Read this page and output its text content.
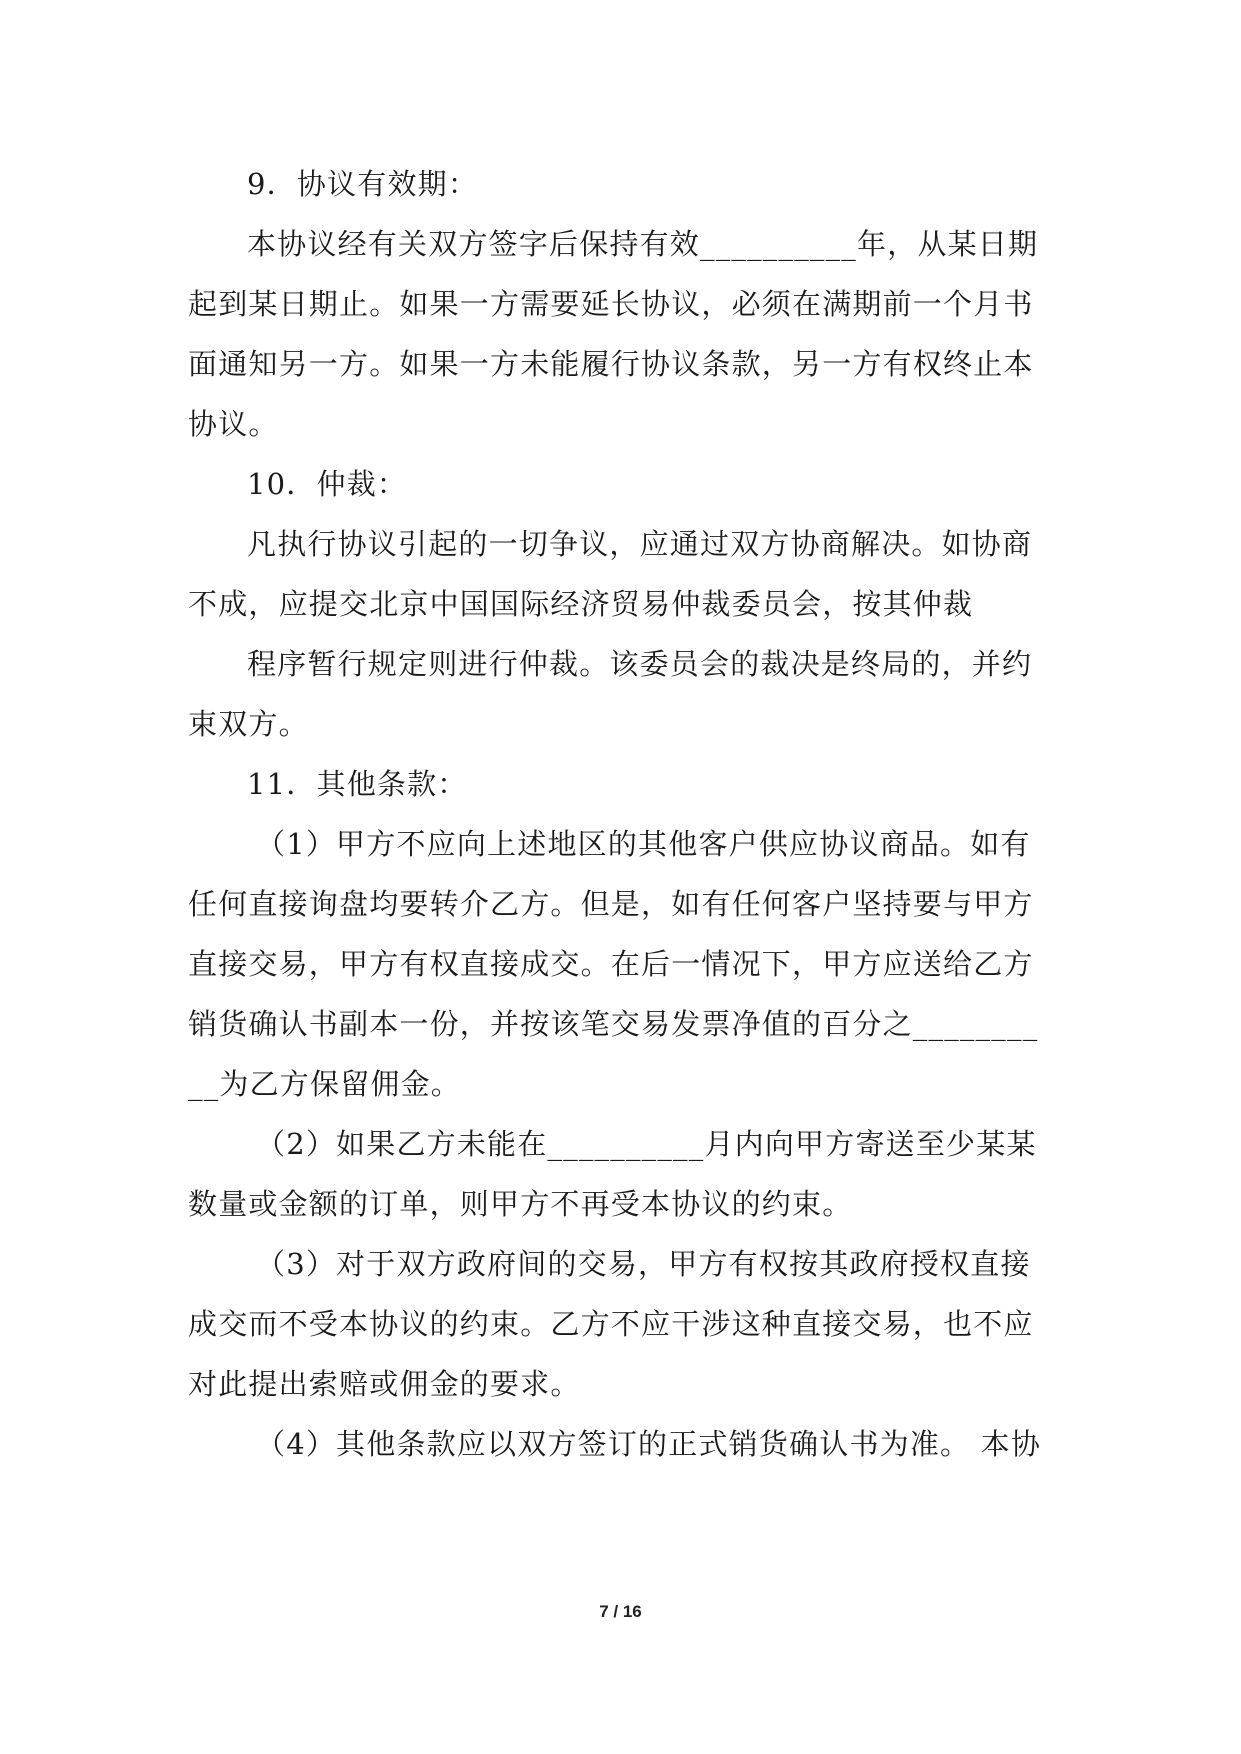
9．协议有效期：
本协议经有关双方签字后保持有效__________年，从某日期
起到某日期止。如果一方需要延长协议，必须在满期前一个月书
面通知另一方。如果一方未能履行协议条款，另一方有权终止本
协议。
10．仲裁：
凡执行协议引起的一切争议，应通过双方协商解决。如协商
不成，应提交北京中国国际经济贸易仲裁委员会，按其仲裁
程序暂行规定则进行仲裁。该委员会的裁决是终局的，并约
束双方。
11．其他条款：
（1）甲方不应向上述地区的其他客户供应协议商品。如有
任何直接询盘均要转介乙方。但是，如有任何客户坚持要与甲方
直接交易，甲方有权直接成交。在后一情况下，甲方应送给乙方
销货确认书副本一份，并按该笔交易发票净值的百分之________
__为乙方保留佣金。
（2）如果乙方未能在__________月内向甲方寄送至少某某
数量或金额的订单，则甲方不再受本协议的约束。
（3）对于双方政府间的交易，甲方有权按其政府授权直接
成交而不受本协议的约束。乙方不应干涉这种直接交易，也不应
对此提出索赔或佣金的要求。
（4）其他条款应以双方签订的正式销货确认书为准。 本协
7 / 16
